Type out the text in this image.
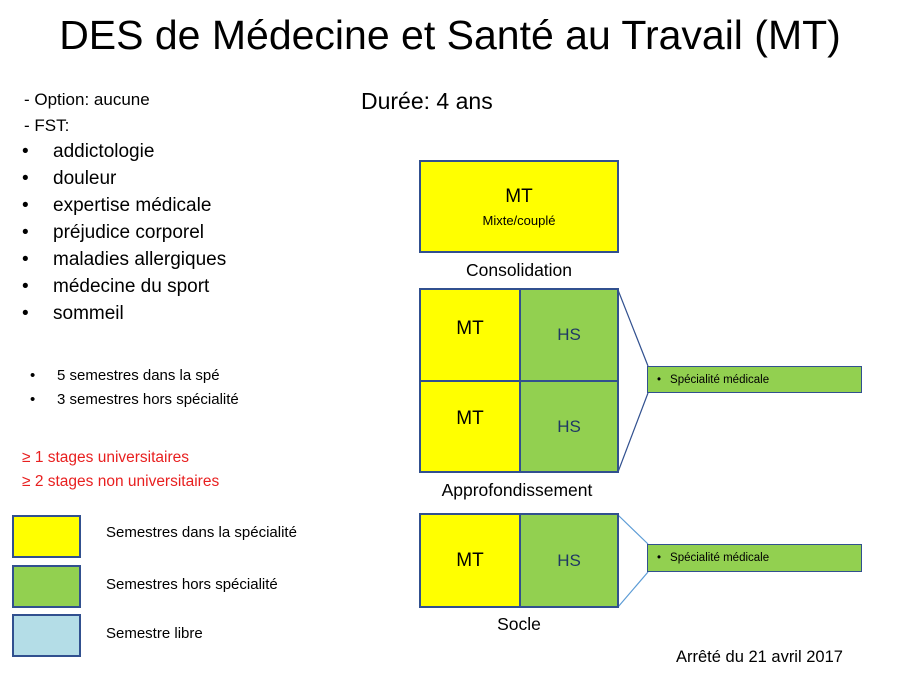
DES de Médecine et Santé au Travail (MT)
Durée: 4 ans
- Option: aucune
- FST:
• addictologie
• douleur
• expertise médicale
• préjudice corporel
• maladies allergiques
• médecine du sport
• sommeil
• 5 semestres dans la spé
• 3 semestres hors spécialité
≥ 1 stages universitaires
≥ 2 stages non universitaires
Semestres dans la spécialité
Semestres hors spécialité
Semestre libre
MT
Mixte/couplé
Consolidation
MT	HS
MT	HS
Approfondissement
• Spécialité médicale
MT	HS
Socle
• Spécialité médicale
Arrêté du 21 avril 2017
